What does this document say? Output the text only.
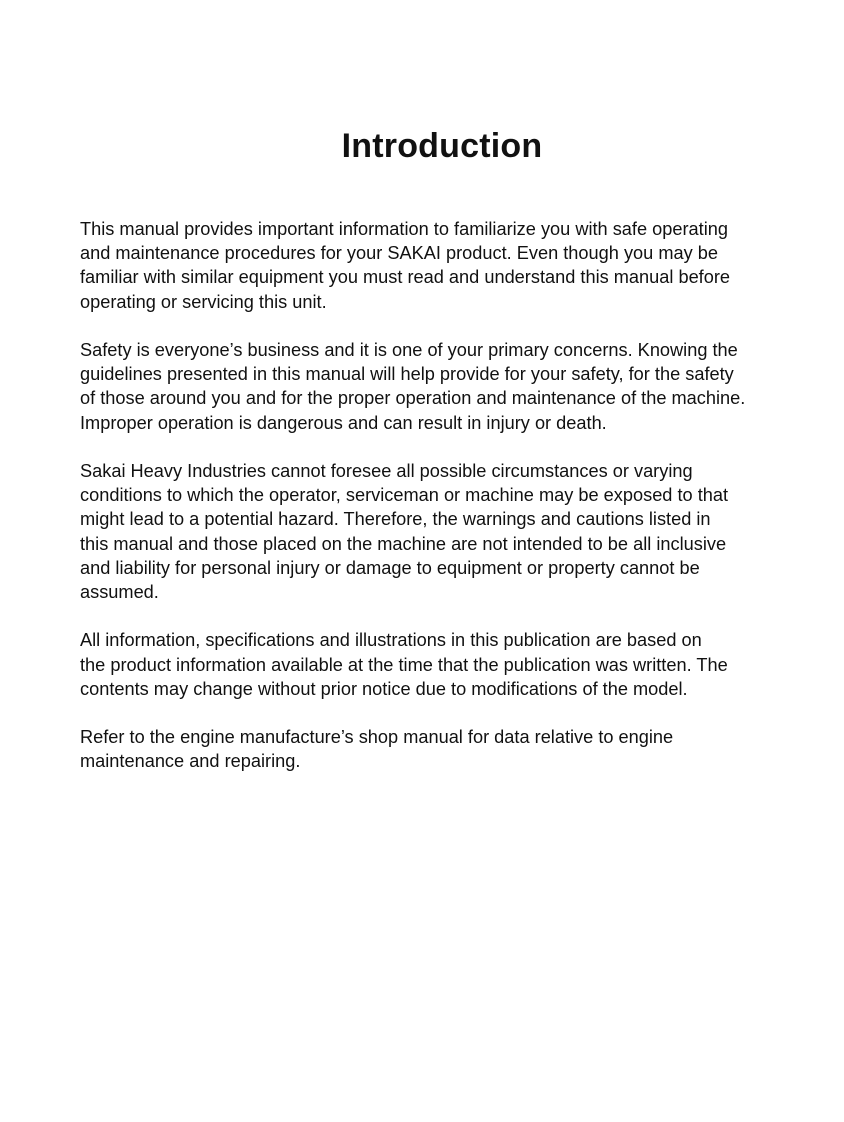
Introduction

This manual provides important information to familiarize you with safe operating
and maintenance procedures for your SAKAI product. Even though you may be
familiar with similar equipment you must read and understand this manual before
operating or servicing this unit.

Safety is everyone’s business and it is one of your primary concerns. Knowing the
guidelines presented in this manual will help provide for your safety, for the safety
of those around you and for the proper operation and maintenance of the machine.
Improper operation is dangerous and can result in injury or death.

Sakai Heavy Industries cannot foresee all possible circumstances or varying
conditions to which the operator, serviceman or machine may be exposed to that
might lead to a potential hazard. Therefore, the warnings and cautions listed in
this manual and those placed on the machine are not intended to be all inclusive
and liability for personal injury or damage to equipment or property cannot be
assumed.

All information, specifications and illustrations in this publication are based on
the product information available at the time that the publication was written. The
contents may change without prior notice due to modifications of the model.

Refer to the engine manufacture’s shop manual for data relative to engine
maintenance and repairing.
